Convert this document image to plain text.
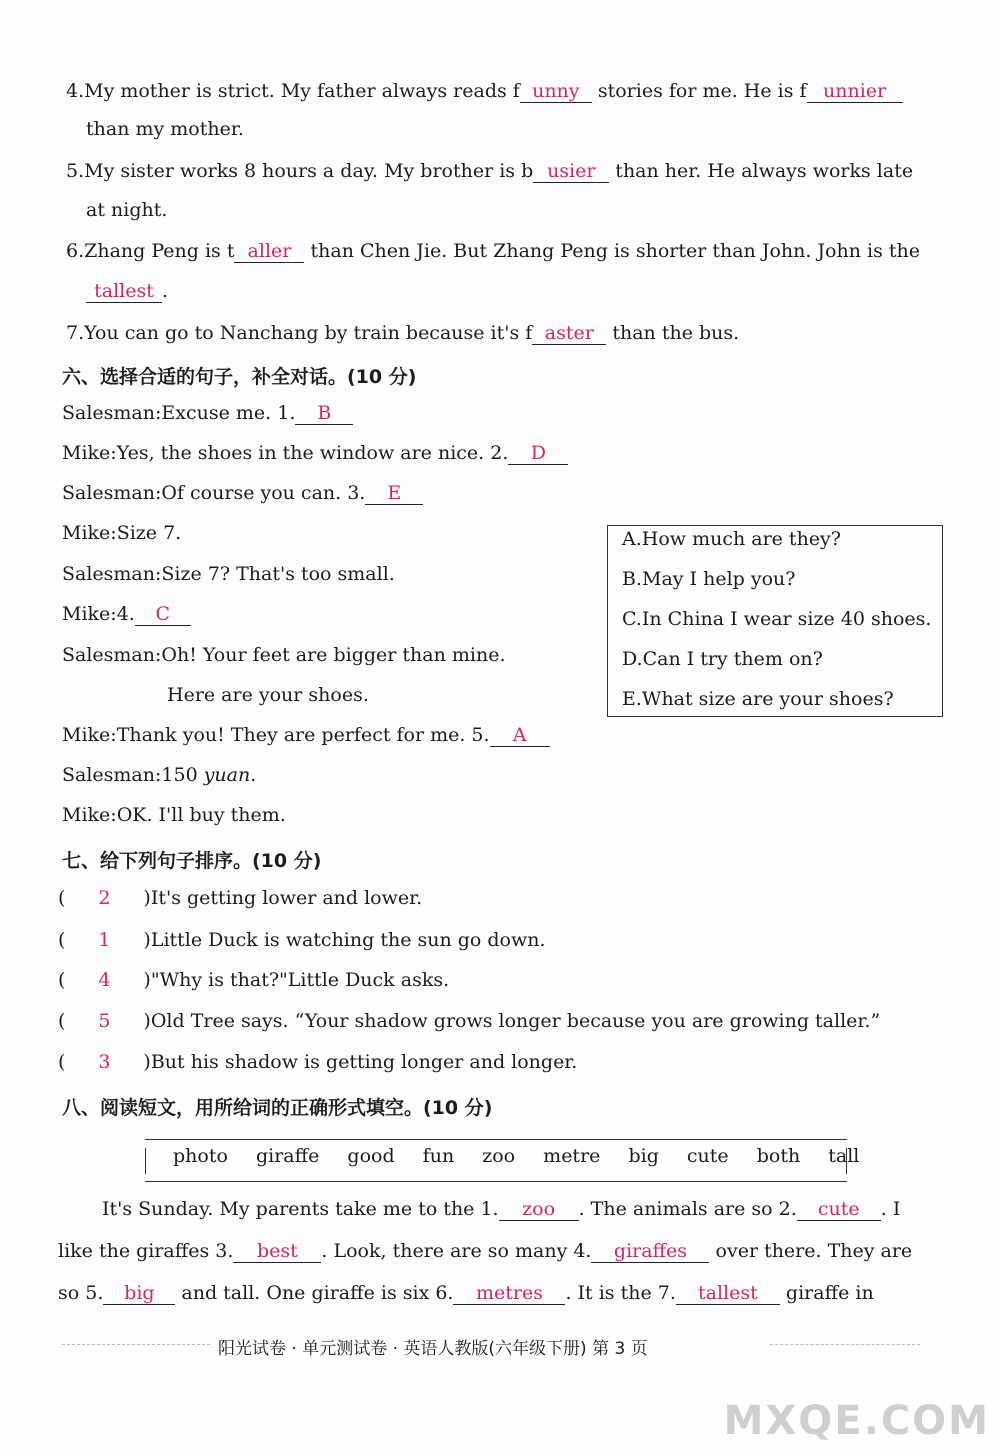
4.My mother is strict. My father always reads f unny stories for me. He is f unnier
than my mother.
5.My sister works 8 hours a day. My brother is b usier than her. He always works late
at night.
6.Zhang Peng is t aller than Chen Jie. But Zhang Peng is shorter than John. John is the
tallest .
7.You can go to Nanchang by train because it's f aster than the bus.
六、选择合适的句子，补全对话。(10 分)
Salesman:Excuse me. 1. B
Mike:Yes, the shoes in the window are nice. 2. D
Salesman:Of course you can. 3. E
Mike:Size 7.
Salesman:Size 7? That's too small.
Mike:4. C
Salesman:Oh! Your feet are bigger than mine.
Here are your shoes.
Mike:Thank you! They are perfect for me. 5. A
Salesman:150 yuan.
Mike:OK. I'll buy them.
A.How much are they?
B.May I help you?
C.In China I wear size 40 shoes.
D.Can I try them on?
E.What size are your shoes?
七、给下列句子排序。(10 分)
( 2 )It's getting lower and lower.
( 1 )Little Duck is watching the sun go down.
( 4 )"Why is that?"Little Duck asks.
( 5 )Old Tree says. “Your shadow grows longer because you are growing taller.”
( 3 )But his shadow is getting longer and longer.
八、阅读短文，用所给词的正确形式填空。(10 分)
photo giraffe good fun zoo metre big cute both tall
It's Sunday. My parents take me to the 1. zoo . The animals are so 2. cute . I
like the giraffes 3. best . Look, there are so many 4. giraffes over there. They are
so 5. big and tall. One giraffe is six 6. metres . It is the 7. tallest giraffe in
阳光试卷 · 单元测试卷 · 英语人教版(六年级下册) 第 3 页
MXQE.COM
